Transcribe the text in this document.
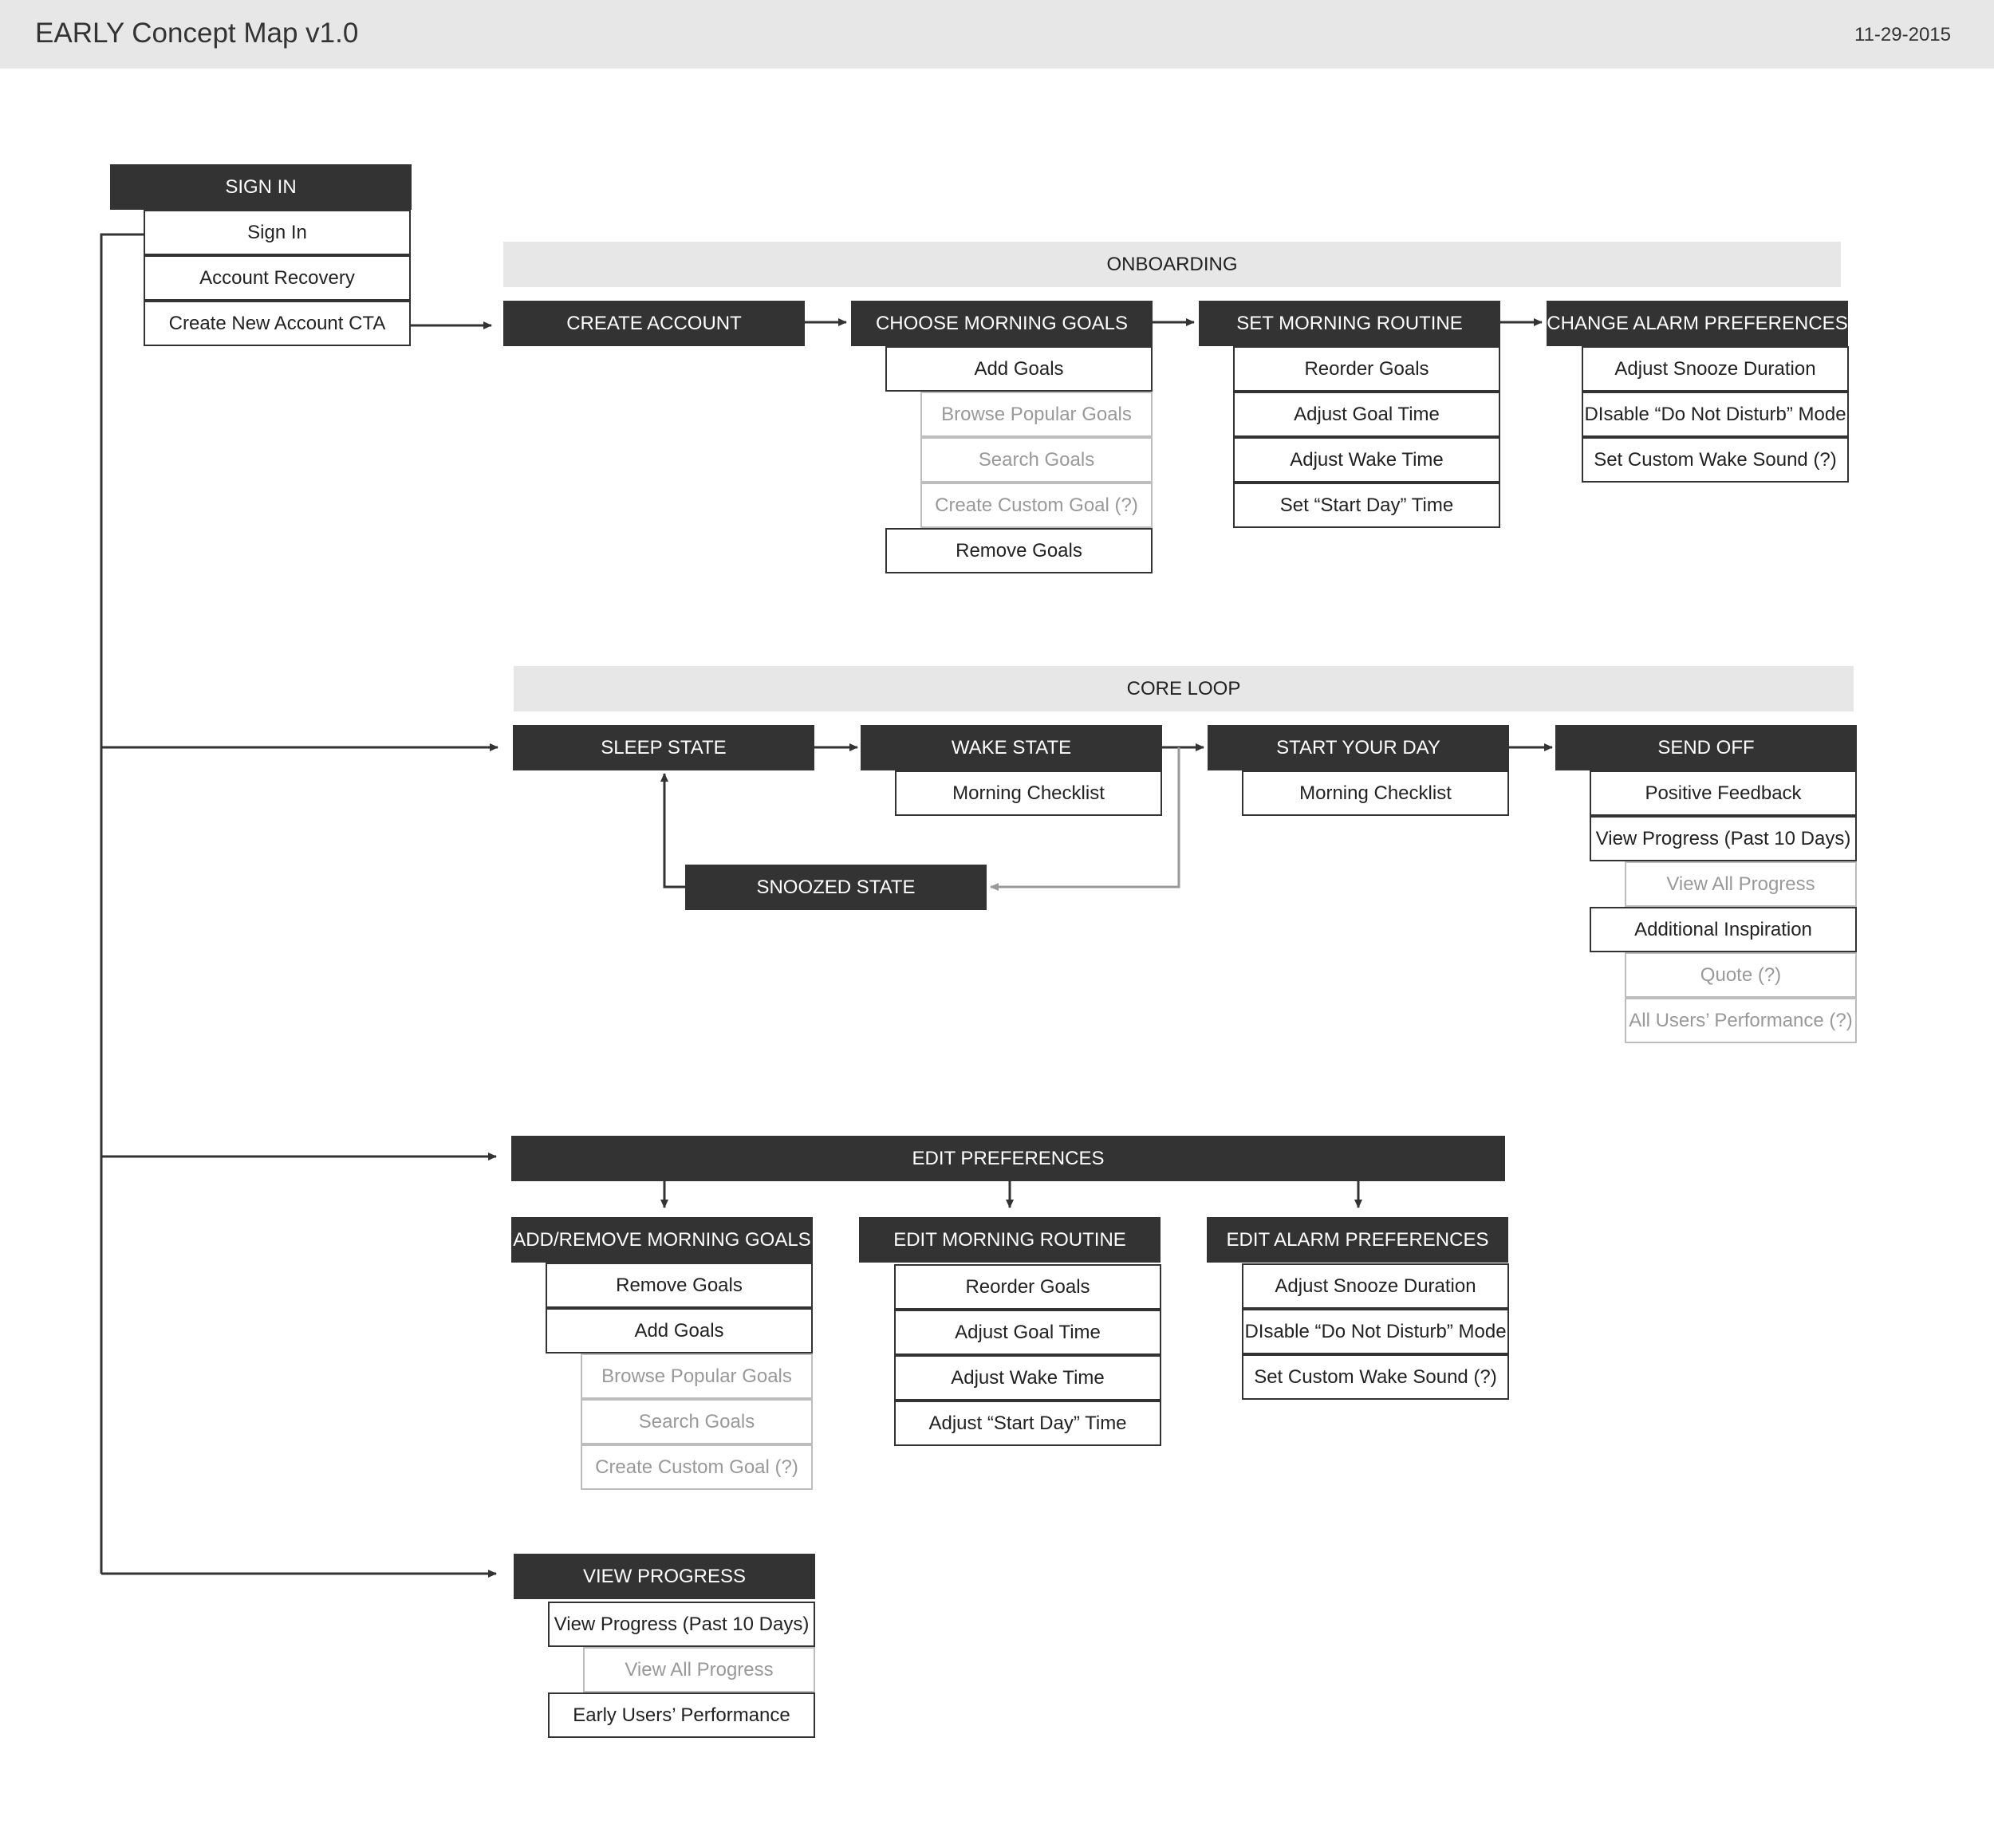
EARLY Concept Map v1.0	11-29-2015
SIGN IN
Sign In
Account Recovery
Create New Account CTA
ONBOARDING
CREATE ACCOUNT	CHOOSE MORNING GOALS
Add Goals
Browse Popular Goals
Search Goals
Create Custom Goal (?)
Remove Goals
SET MORNING ROUTINE
Reorder Goals
Adjust Goal Time
Adjust Wake Time
Set “Start Day” Time
CHANGE ALARM PREFERENCES
Adjust Snooze Duration
DIsable “Do Not Disturb” Mode
Set Custom Wake Sound (?)
CORE LOOP
SLEEP STATE	WAKE STATE
Morning Checklist
START YOUR DAY
Morning Checklist
SEND OFF
Positive Feedback
View Progress (Past 10 Days)
View All Progress
Additional Inspiration
Quote (?)
All Users’ Performance (?)
SNOOZED STATE
EDIT PREFERENCES
ADD/REMOVE MORNING GOALS
Remove Goals
Add Goals
Browse Popular Goals
Search Goals
Create Custom Goal (?)
EDIT MORNING ROUTINE
Reorder Goals
Adjust Goal Time
Adjust Wake Time
Adjust “Start Day” Time
EDIT ALARM PREFERENCES
Adjust Snooze Duration
DIsable “Do Not Disturb” Mode
Set Custom Wake Sound (?)
VIEW PROGRESS
View Progress (Past 10 Days)
View All Progress
Early Users’ Performance
